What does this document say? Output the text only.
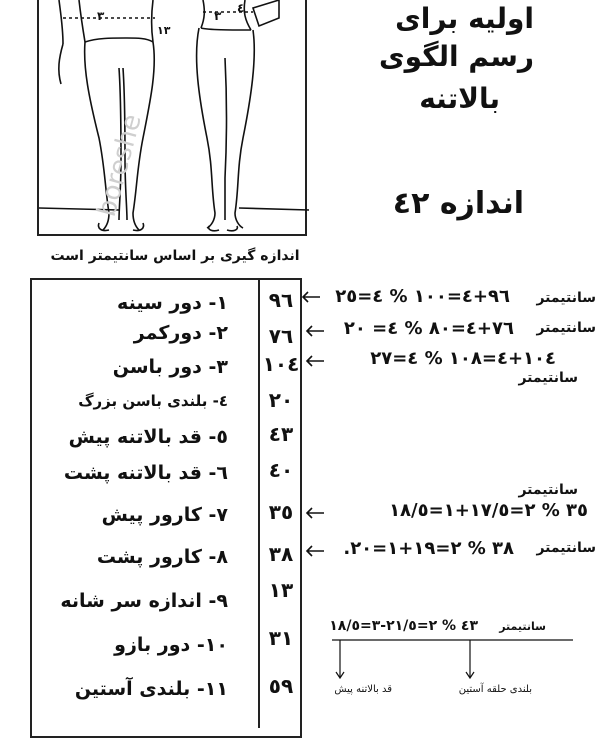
٣
١٣
٣
٤
boreshe
اولیه برای
رسم الگوی
بالاتنه
اندازه ٤٢
اندازه گیری بر اساس سانتیمتر است
١- دور سینه	٩٦
٢- دورکمر	٧٦
٣- دور باسن ١٠٤
٤- بلندی باسن بزرگ	٢٠
٥- قد بالاتنه پیش	٤٣
٦- قد بالاتنه پشت	٤٠
٧- کارور پیش	٣٥
٨- کارور پشت	٣٨
٩- اندازه سر شانه	١٣
١٠- دور بازو	٣١
١١- بلندی آستین	٥٩
٩٦+٤=١٠٠ % ٤=٢٥ سانتیمتر
٧٦+٤=٨٠ % ٤= ٢٠ سانتیمتر
١٠٤+٤=١٠٨ % ٤=٢٧
سانتیمتر
٣٥ % ٢=١٧/٥+١=١٨/٥
سانتیمتر
٣٨ % ٢=١٩+١=٢٠. سانتیمتر
٤٣ % ٢=٢١/٥-٣=١٨/٥ سانتیمتر
قد بالاتنه پیش	بلندی حلقه آستین
